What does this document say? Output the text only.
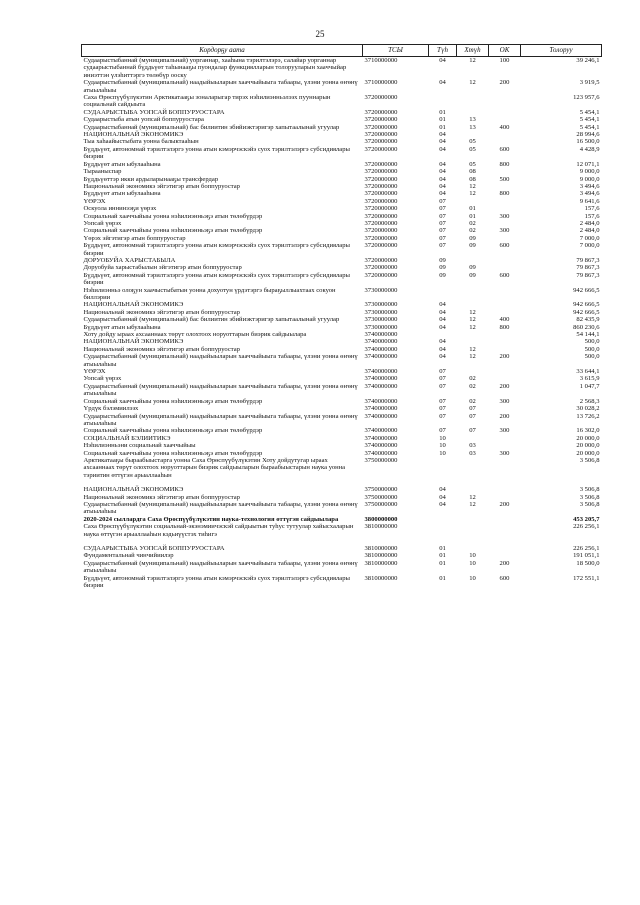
25
Кордорҕу аата	ТСЫ	Түһ	Хтүһ	ОК	Толоруу
Судаарыстыбаннай (муниципальнай) уорганнар, хааһына тэрилтэлэрэ, салайар уорганнар судаарыстыбаннай бүддьүөт таһынааҕы пуондалар функциялларын толорууларын хааччыйар иниэттэн үлэһиттэргэ төлөбүр ооску	3710000000	04	12	100	39 246,1
Судаарыстыбаннай (муниципальнай) наадыйыыларын хааччыйыыга табаары, үлэни уонна өҥөнү атыылаһыы	3710000000	04	12	200	3 919,5
Саха Өрөспүүбүлүкэтин Арктикатааҕы зоналарыгар тирэх нэһилиэнньэлээх пууннарын социальнай сайдыыта	3720000000				123 957,6
СУДААРЫСТЫБА УОПСАЙ БОППУРУОСТАРА	3720000000	01			5 454,1
Судаарыстыба атын уопсай боппуруостара	3720000000	01	13		5 454,1
Судаарыстыбаннай (муниципальнай) бас билиитин эбийиэктэригэр хапытаалынай угуулар	3720000000	01	13	400	5 454,1
НАЦИОНАЛЬНАЙ ЭКОНОМИКЭ	3720000000	04			28 994,6
Тыа хаһаайыстыбата уонна балыктааһын	3720000000	04	05		16 500,0
Бүддьүөт, автономнай тэрилтэлэргэ уонна атын кэмэрчэскэйэ суох тэрилтэлэргэ субсидиялары биэрии	3720000000	04	05	600	4 428,9
Бүддьүөт атын ыбулааһына	3720000000	04	05	800	12 071,1
Тырааныспар	3720000000	04	08		9 000,0
Бүддьүөттэр икки ардыларынааҕы трансфердар	3720000000	04	08	500	9 000,0
Национальнай экономикэ эйгэтигэр атын боппуруостар	3720000000	04	12		3 494,6
Бүддьүөт атын ыбулааһына	3720000000	04	12	800	3 494,6
ҮӨРЭХ	3720000000	07			9 641,6
Оскуола иннинээҕи үөрэх	3720000000	07	01		157,6
Социальнай хааччыйыы уонна нэһилиэнньэҕэ атын төлөбүрдэр	3720000000	07	01	300	157,6
Уопсай үөрэх	3720000000	07	02		2 484,0
Социальнай хааччыйыы уонна нэһилиэнньэҕэ атын төлөбүрдэр	3720000000	07	02	300	2 484,0
Үөрэх эйгэтигэр атын боппуруостар	3720000000	07	09		7 000,0
Бүддьүөт, автономнай тэрилтэлэргэ уонна атын кэмэрчэскэйэ суох тэрилтэлэргэ субсидиялары биэрии	3720000000	07	09	600	7 000,0
ДОРУОБУЙА ХАРЫСТАБЫЛА	3720000000	09			79 867,3
Доруобуйа харыстабылын эйгэтигэр атын боппуруостар	3720000000	09	09		79 867,3
Бүддьүөт, автономнай тэрилтэлэргэ уонна атын кэмэрчэскэйэ суох тэрилтэлэргэ субсидиялары биэрии	3720000000	09	09	600	79 867,3
Нэһилиэнньэ олоҕун хаачыстыбатын уонна дохуотун үрдэтэргэ быраҕыллыахтаах сокуон биллэрии	3730000000				942 666,5
НАЦИОНАЛЬНАЙ ЭКОНОМИКЭ	3730000000	04			942 666,5
Национальнай экономикэ эйгэтигэр атын боппуруостар	3730000000	04	12		942 666,5
Судаарыстыбаннай (муниципальнай) бас билиитин эбийиэктэригэр хапытаалынай угуулар	3730000000	04	12	400	82 435,9
Бүддьүөт атын ыбулааһына	3730000000	04	12	800	860 230,6
Хоту дойду ыраах ахсааннаах төрүт олохтоох норуоттарын биэрик сайдыылара	3740000000				54 144,1
НАЦИОНАЛЬНАЙ ЭКОНОМИКЭ	3740000000	04			500,0
Национальнай экономикэ эйгэтигэр атын боппуруостар	3740000000	04	12		500,0
Судаарыстыбаннай (муниципальнай) наадыйыыларын хааччыйыыга табаары, үлэни уонна өҥөнү атыылаһыы	3740000000	04	12	200	500,0
ҮӨРЭХ	3740000000	07			33 644,1
Уопсай үөрэх	3740000000	07	02		3 615,9
Судаарыстыбаннай (муниципальнай) наадыйыыларын хааччыйыыга табаары, үлэни уонна өҥөнү атыылаһыы	3740000000	07	02	200	1 047,7
Социальнай хааччыйыы уонна нэһилиэнньэҕэ атын төлөбүрдэр	3740000000	07	02	300	2 568,3
Үрдүк бэлэмиилээх	3740000000	07	07		30 028,2
Судаарыстыбаннай (муниципальнай) наадыйыыларын хааччыйыыга табаары, үлэни уонна өҥөнү атыылаһыы	3740000000	07	07	200	13 726,2
Социальнай хааччыйыы уонна нэһилиэнньэҕэ атын төлөбүрдэр	3740000000	07	07	300	16 302,0
СОЦИАЛЬНАЙ БЭЛИИТИКЭ	3740000000	10			20 000,0
Нэһилиэнньэни социальнай хааччыйыы	3740000000	10	03		20 000,0
Социальнай хааччыйыы уонна нэһилиэнньэҕэ атын төлөбүрдэр	3740000000	10	03	300	20 000,0
Арктикатааҕы быраабыыстарга уонна Саха Өрөспүүбүлүкэтин Хоту дойдутугар ыраах ахсааннаах төрүт олохтоох норуоттарын биэрик сайдыыларын быраабыыстарын наука уонна тэриитин өттүгэн арыаллааһын	3750000000				3 506,8

НАЦИОНАЛЬНАЙ ЭКОНОМИКЭ	3750000000	04			3 506,8
Национальнай экономикэ эйгэтигэр атын боппуруостар	3750000000	04	12		3 506,8
Судаарыстыбаннай (муниципальнай) наадыйыыларын хааччыйыыга табаары, үлэни уонна өҥөнү атыылаһыы	3750000000	04	12	200	3 506,8
2020-2024 сыллардга Саха Өрөспүүбүлүкэтин наука-технология өттүгэн сайдыылара	3800000000				453 205,7
Саха Өрөспүүбүлүкэтин социальнай-экэнэмиичэскэй сайдыытын туһус тутуулар хайысхаларын наука өттүгэн арыаллааһын кэдьиүүстэх тиһигэ	3810000000				226 256,1

СУДААРЫСТЫБА УОПСАЙ БОППУРУОСТАРА	3810000000	01			226 256,1
Фундаментальнай чинчийиилэр	3810000000	01	10		191 051,1
Судаарыстыбаннай (муниципальнай) наадыйыыларын хааччыйыыга табаары, үлэни уонна өҥөнү атыылаһыы	3810000000	01	10	200	18 500,0
Бүддьүөт, автономнай тэрилтэлэргэ уонна атын кэмэрчэскэйэ суох тэрилтэлэргэ субсидиялары биэрии	3810000000	01	10	600	172 551,1
